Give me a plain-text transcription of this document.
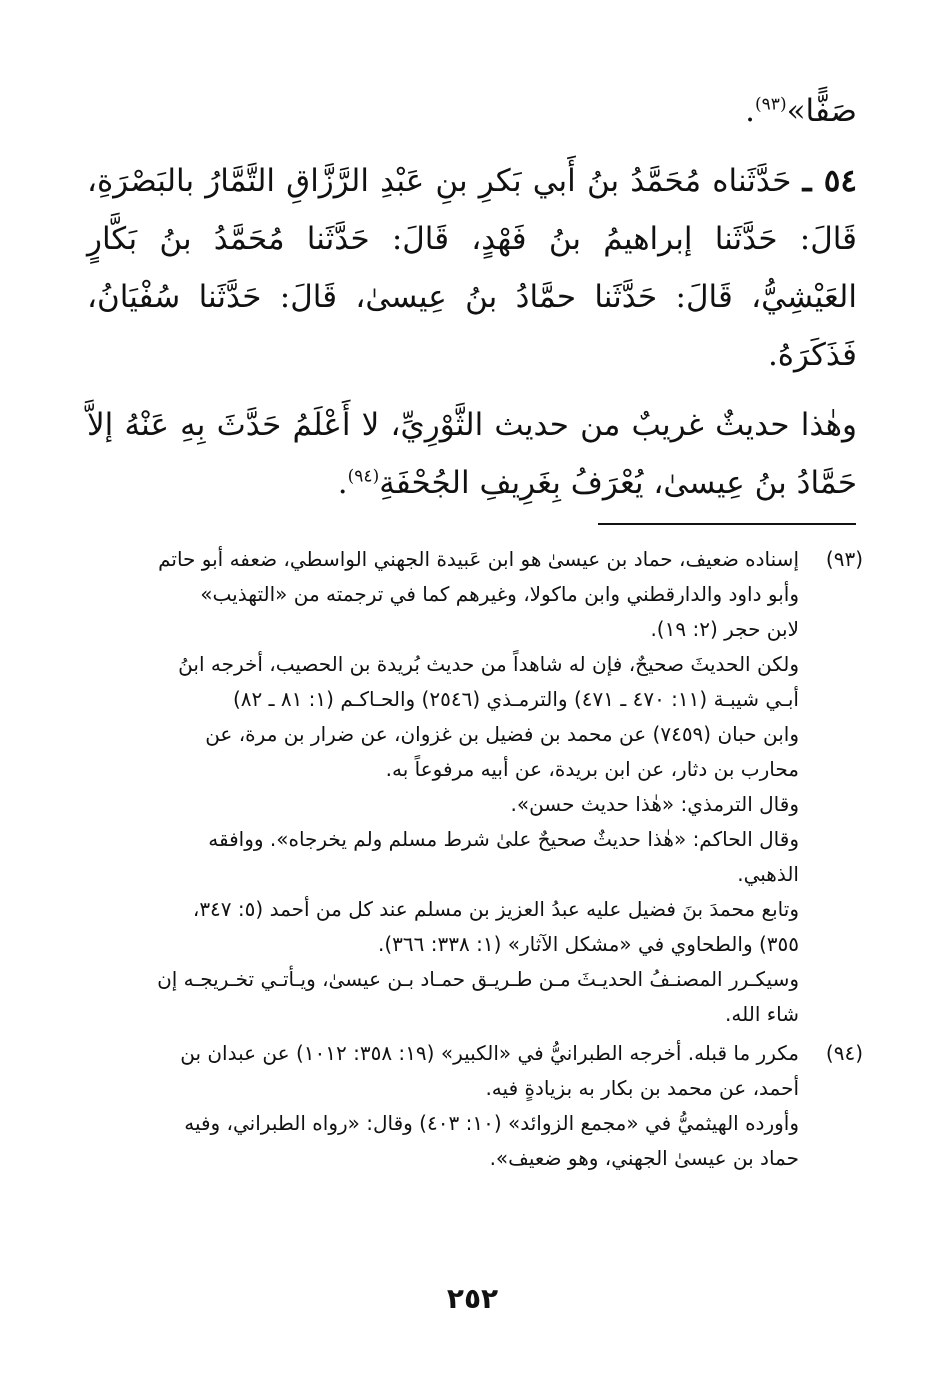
صَفًّا»$^{(٩٣)}$.

٥٤ ـ حَدَّثَناه مُحَمَّدُ بنُ أَبي بَكرِ بنِ عَبْدِ الرَّزَّاقِ التَّمَّارُ بالبَصْرَةِ، قَالَ: حَدَّثَنا إبراهيمُ بنُ فَهْدٍ، قَالَ: حَدَّثَنا مُحَمَّدُ بنُ بَكَّارٍ العَيْشِيُّ، قَالَ: حَدَّثَنا حمَّادُ بنُ عِيسىٰ، قَالَ: حَدَّثَنا سُفْيَانُ، فَذَكَرَهُ.

وهٰذا حديثٌ غريبٌ من حديث الثَّوْرِيِّ، لا أَعْلَمُ حَدَّثَ بِهِ عَنْهُ إلاَّ حَمَّادُ بنُ عِيسىٰ، يُعْرَفُ بِغَرِيفِ الجُحْفَةِ$^{(٩٤)}$.

(٩٣)
إسناده ضعيف، حماد بن عيسىٰ هو ابن عَبيدة الجهني الواسطي، ضعفه أبو حاتم
وأبو داود والدارقطني وابن ماكولا، وغيرهم كما في ترجمته من «التهذيب»
لابن حجر (٢: ١٩).
ولكن الحديثَ صحيحٌ، فإن له شاهداً من حديث بُريدة بن الحصيب، أخرجه ابنُ
أبـي شيبـة (١١: ٤٧٠ ـ ٤٧١) والترمـذي (٢٥٤٦) والحـاكـم (١: ٨١ ـ ٨٢)
وابن حبان (٧٤٥٩) عن محمد بن فضيل بن غزوان، عن ضرار بن مرة، عن
محارب بن دثار، عن ابن بريدة، عن أبيه مرفوعاً به.
وقال الترمذي: «هٰذا حديث حسن».
وقال الحاكم: «هٰذا حديثٌ صحيحٌ علىٰ شرط مسلم ولم يخرجاه». ووافقه
الذهبي.
وتابع محمدَ بنَ فضيل عليه عبدُ العزيز بن مسلم عند كل من أحمد (٥: ٣٤٧،
٣٥٥) والطحاوي في «مشكل الآثار» (١: ٣٣٨: ٣٦٦).
وسيكـرر المصنـفُ الحديـثَ مـن طـريـق حمـاد بـن عيسىٰ، ويـأتـي تخـريجـه إن
شاء الله.
(٩٤)
مكرر ما قبله. أخرجه الطبرانيُّ في «الكبير» (١٩: ٣٥٨: ١٠١٢) عن عبدان بن
أحمد، عن محمد بن بكار به بزيادةٍ فيه.
وأورده الهيثميُّ في «مجمع الزوائد» (١٠: ٤٠٣) وقال: «رواه الطبراني، وفيه
حماد بن عيسىٰ الجهني، وهو ضعيف».
٢٥٢
